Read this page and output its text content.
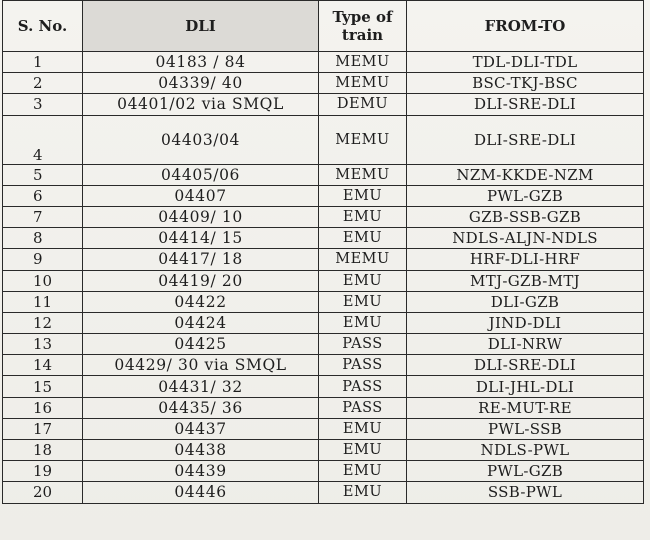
S. No.	DLI	Type of train	FROM-TO
1	04183 / 84	MEMU	TDL-DLI-TDL
2	04339/ 40	MEMU	BSC-TKJ-BSC
3	04401/02 via SMQL	DEMU	DLI-SRE-DLI
4	04403/04	MEMU	DLI-SRE-DLI
5	04405/06	MEMU	NZM-KKDE-NZM
6	04407	EMU	PWL-GZB
7	04409/ 10	EMU	GZB-SSB-GZB
8	04414/ 15	EMU	NDLS-ALJN-NDLS
9	04417/ 18	MEMU	HRF-DLI-HRF
10	04419/ 20	EMU	MTJ-GZB-MTJ
11	04422	EMU	DLI-GZB
12	04424	EMU	JIND-DLI
13	04425	PASS	DLI-NRW
14	04429/ 30 via SMQL	PASS	DLI-SRE-DLI
15	04431/ 32	PASS	DLI-JHL-DLI
16	04435/ 36	PASS	RE-MUT-RE
17	04437	EMU	PWL-SSB
18	04438	EMU	NDLS-PWL
19	04439	EMU	PWL-GZB
20	04446	EMU	SSB-PWL
